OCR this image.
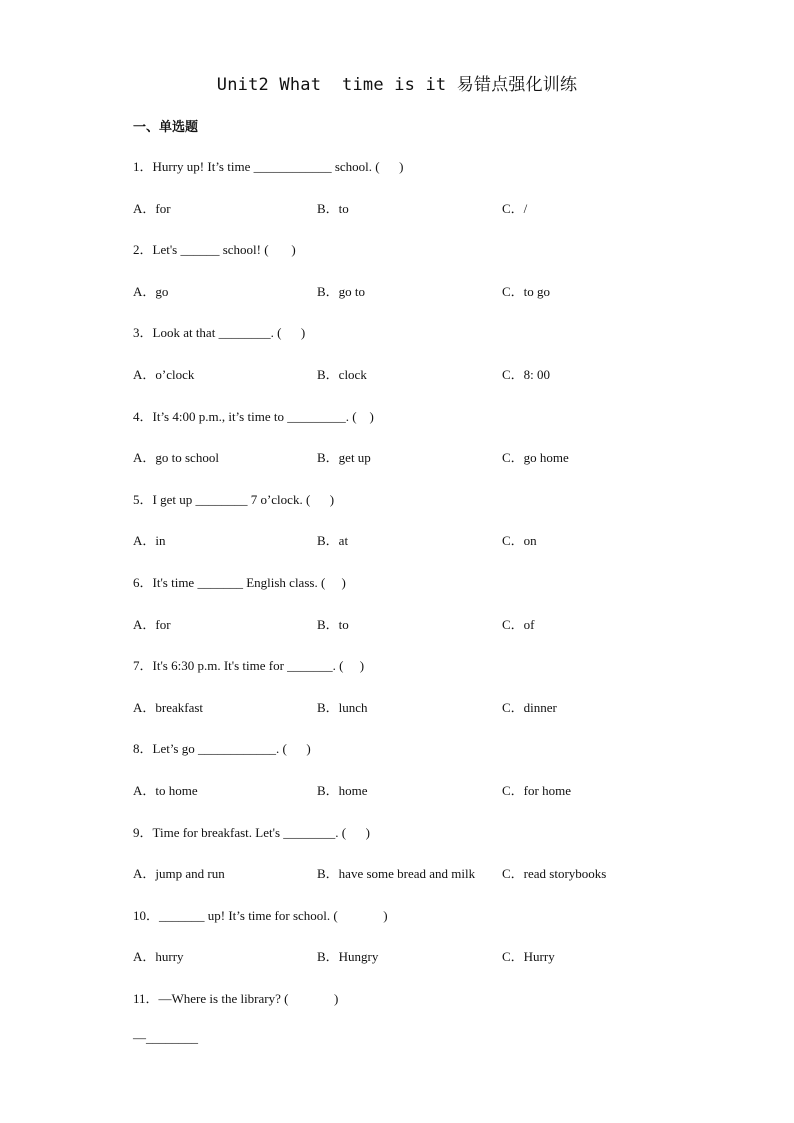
Unit2 What  time is it 易错点强化训练
一、单选题
1．Hurry up! It’s time ____________ school. (      )
A．for	B．to	C．/
2．Let's ______ school! (       )
A．go	B．go to	C．to go
3．Look at that ________. (      )
A．o’clock	B．clock	C．8: 00
4．It’s 4:00 p.m., it’s time to _________. (    )
A．go to school	B．get up	C．go home
5．I get up ________ 7 o’clock. (      )
A．in	B．at	C．on
6．It's time _______ English class. (     )
A．for	B．to	C．of
7．It's 6:30 p.m. It's time for _______. (     )
A．breakfast	B．lunch	C．dinner
8．Let’s go ____________. (      )
A．to home	B．home	C．for home
9．Time for breakfast. Let's ________. (      )
A．jump and run	B．have some bread and milk C．read storybooks
10．_______ up! It’s time for school. (              )
A．hurry	B．Hungry	C．Hurry
11．—Where is the library? (              )
—________
